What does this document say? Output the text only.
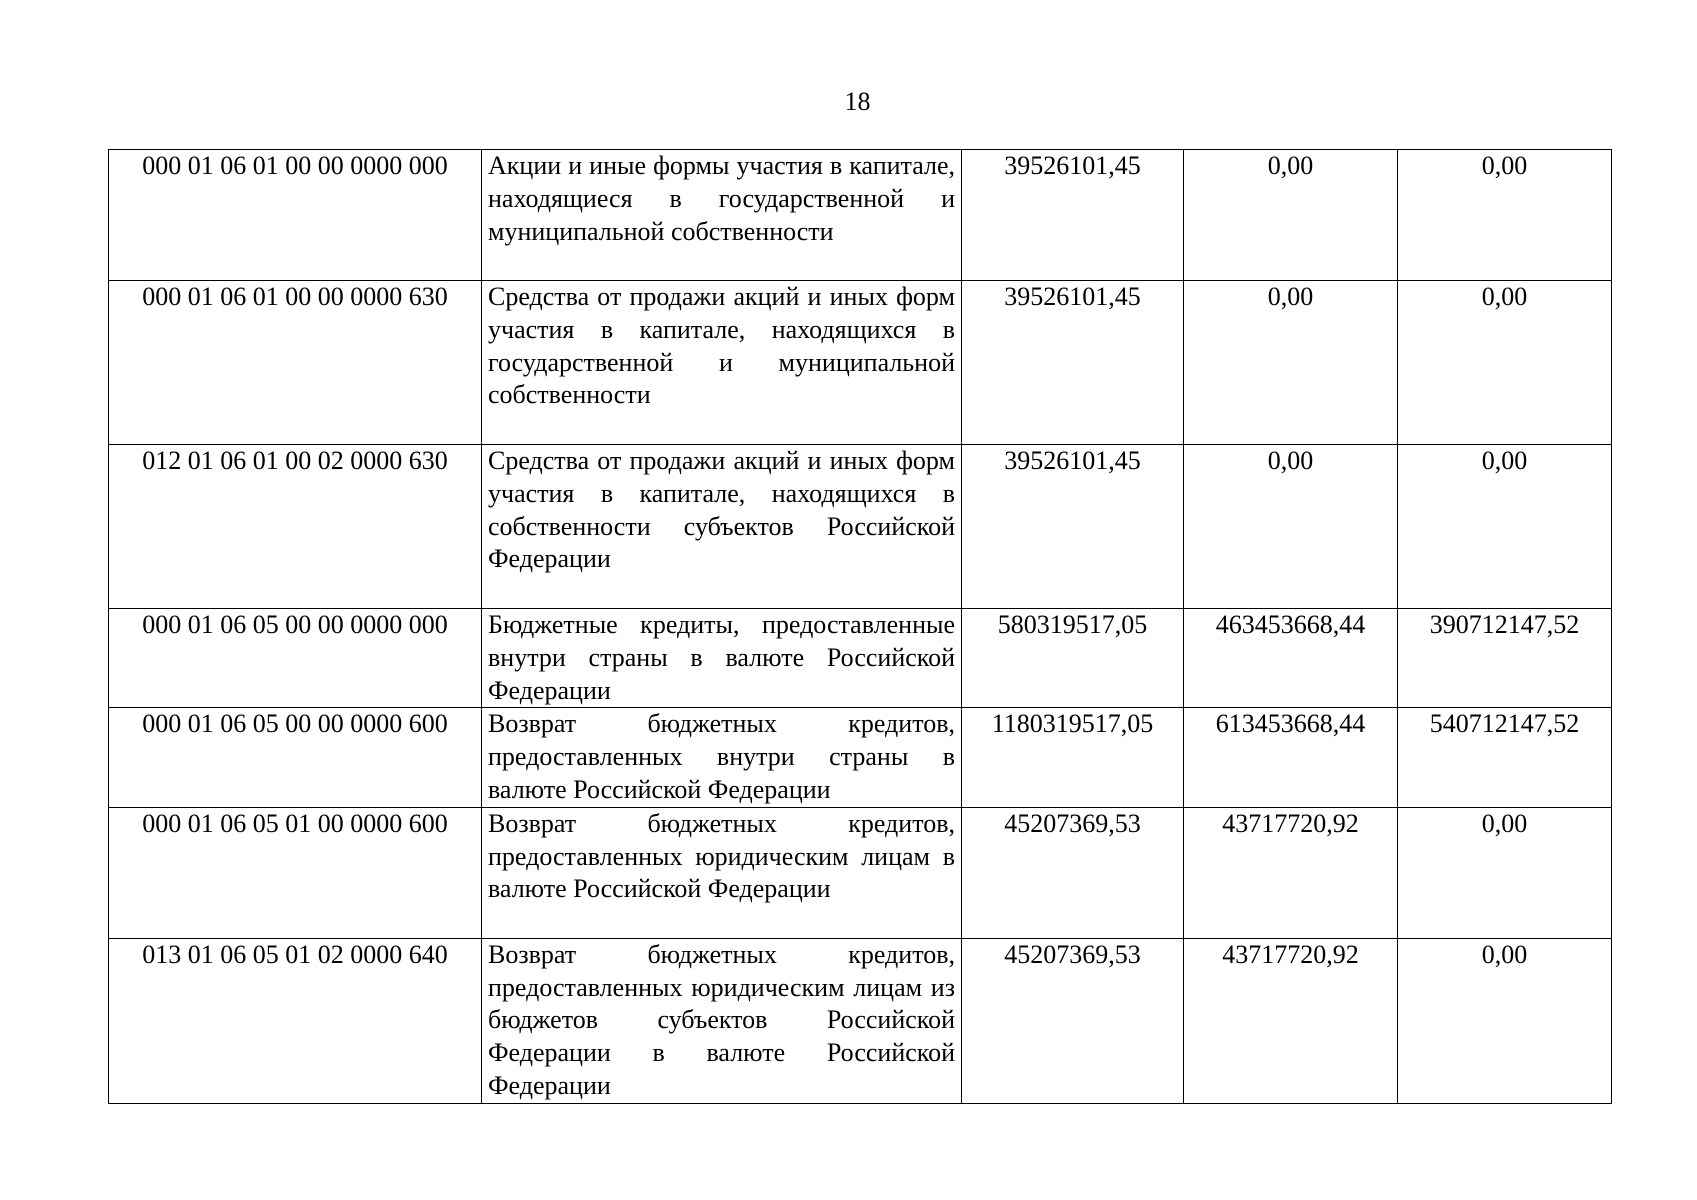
18
000 01 06 01 00 00 0000 000	Акции и иные формы участия в капитале, находящиеся в государственной и муниципальной собственности	39526101,45	0,00	0,00
000 01 06 01 00 00 0000 630	Средства от продажи акций и иных форм участия в капитале, находящихся в государственной и муниципальной собственности	39526101,45	0,00	0,00
012 01 06 01 00 02 0000 630	Средства от продажи акций и иных форм участия в капитале, находящихся в собственности субъектов Российской Федерации	39526101,45	0,00	0,00
000 01 06 05 00 00 0000 000	Бюджетные кредиты, предоставленные внутри страны в валюте Российской Федерации	580319517,05	463453668,44	390712147,52
000 01 06 05 00 00 0000 600	Возврат бюджетных кредитов, предоставленных внутри страны в валюте Российской Федерации	1180319517,05	613453668,44	540712147,52
000 01 06 05 01 00 0000 600	Возврат бюджетных кредитов, предоставленных юридическим лицам в валюте Российской Федерации	45207369,53	43717720,92	0,00
013 01 06 05 01 02 0000 640	Возврат бюджетных кредитов, предоставленных юридическим лицам из бюджетов субъектов Российской Федерации в валюте Российской Федерации	45207369,53	43717720,92	0,00
